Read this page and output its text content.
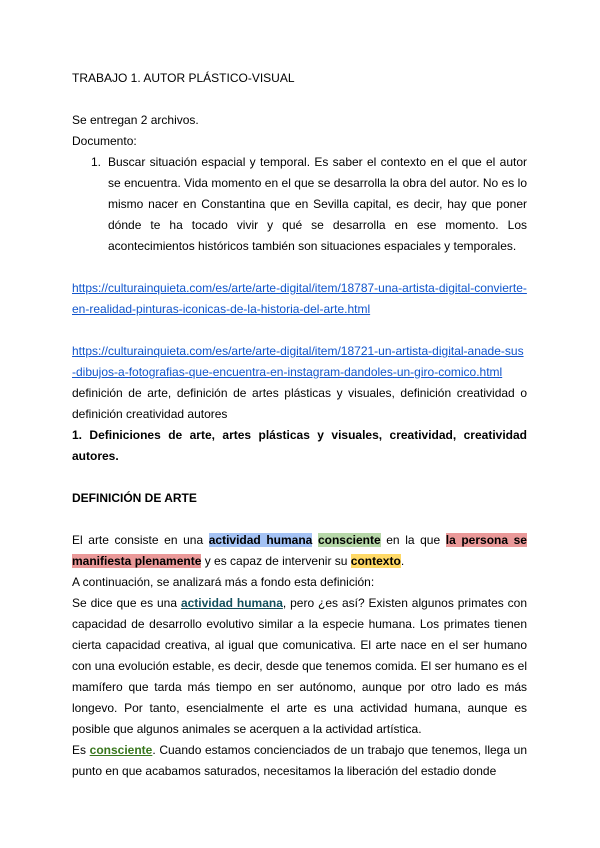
TRABAJO 1. AUTOR PLÁSTICO-VISUAL

Se entregan 2 archivos.

Documento:

1. Buscar situación espacial y temporal. Es saber el contexto en el que el autor se encuentra. Vida momento en el que se desarrolla la obra del autor. No es lo mismo nacer en Constantina que en Sevilla capital, es decir, hay que poner dónde te ha tocado vivir y qué se desarrolla en ese momento. Los acontecimientos históricos también son situaciones espaciales y temporales.

https://culturainquieta.com/es/arte/arte-digital/item/18787-una-artista-digital-convierte-en-realidad-pinturas-iconicas-de-la-historia-del-arte.html

https://culturainquieta.com/es/arte/arte-digital/item/18721-un-artista-digital-anade-sus-dibujos-a-fotografias-que-encuentra-en-instagram-dandoles-un-giro-comico.html

definición de arte, definición de artes plásticas y visuales, definición creatividad o definición creatividad autores

1. Definiciones de arte, artes plásticas y visuales, creatividad, creatividad autores.

DEFINICIÓN DE ARTE

El arte consiste en una actividad humana consciente en la que la persona se manifiesta plenamente y es capaz de intervenir su contexto.

A continuación, se analizará más a fondo esta definición:

Se dice que es una actividad humana, pero ¿es así? Existen algunos primates con capacidad de desarrollo evolutivo similar a la especie humana. Los primates tienen cierta capacidad creativa, al igual que comunicativa. El arte nace en el ser humano con una evolución estable, es decir, desde que tenemos comida. El ser humano es el mamífero que tarda más tiempo en ser autónomo, aunque por otro lado es más longevo. Por tanto, esencialmente el arte es una actividad humana, aunque es posible que algunos animales se acerquen a la actividad artística.

Es consciente. Cuando estamos concienciados de un trabajo que tenemos, llega un punto en que acabamos saturados, necesitamos la liberación del estadio donde
